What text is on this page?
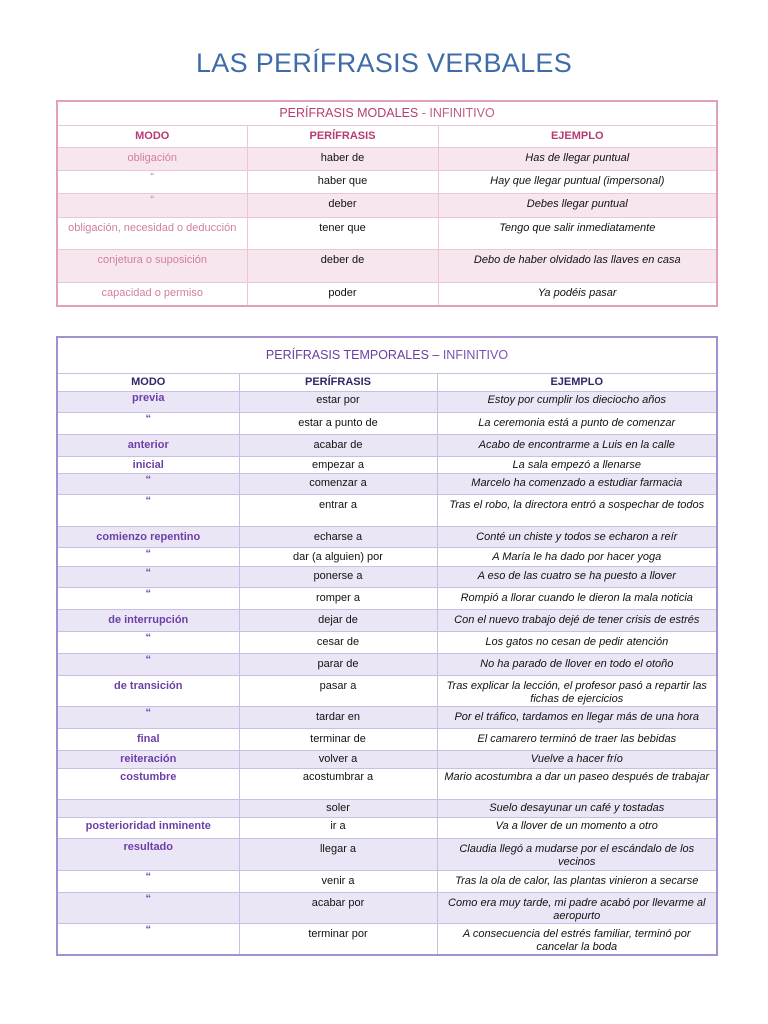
LAS PERÍFRASIS VERBALES
PERÍFRASIS MODALES - INFINITIVO		
MODO	PERÍFRASIS	EJEMPLO
obligación	haber de	Has de llegar puntual
“	haber que	Hay que llegar puntual (impersonal)
“	deber	Debes llegar puntual
obligación, necesidad o deducción	tener que	Tengo que salir inmediatamente
conjetura o suposición	deber de	Debo de haber olvidado las llaves en casa
capacidad o permiso	poder	Ya podéis pasar
PERÍFRASIS TEMPORALES – INFINITIVO		
MODO	PERÍFRASIS	EJEMPLO
previa	estar por	Estoy por cumplir los dieciocho años
“	estar a punto de	La ceremonia está a punto de comenzar
anterior	acabar de	Acabo de encontrarme a Luis en la calle
inicial	empezar a	La sala empezó a llenarse
“	comenzar a	Marcelo ha comenzado a estudiar farmacia
“	entrar a	Tras el robo, la directora entró a sospechar de todos
comienzo repentino	echarse a	Conté un chiste y todos se echaron a reír
“	dar (a alguien) por	A María le ha dado por hacer yoga
“	ponerse a	A eso de las cuatro se ha puesto a llover
“	romper a	Rompió a llorar cuando le dieron la mala noticia
de interrupción	dejar de	Con el nuevo trabajo dejé de tener crisis de estrés
“	cesar de	Los gatos no cesan de pedir atención
“	parar de	No ha parado de llover en todo el otoño
de transición	pasar a	Tras explicar la lección, el profesor pasó a repartir las fichas de ejercicios
“	tardar en	Por el tráfico, tardamos en llegar más de una hora
final	terminar de	El camarero terminó de traer las bebidas
reiteración	volver a	Vuelve a hacer frío
costumbre	acostumbrar a	Mario acostumbra a dar un paseo después de trabajar
	soler	Suelo desayunar un café y tostadas
posterioridad inminente	ir a	Va a llover de un momento a otro
resultado	llegar a	Claudia llegó a mudarse por el escándalo de los vecinos
“	venir a	Tras la ola de calor, las plantas vinieron a secarse
“	acabar por	Como era muy tarde, mi padre acabó por llevarme al aeropurto
“	terminar por	A consecuencia del estrés familiar, terminó por cancelar la boda
